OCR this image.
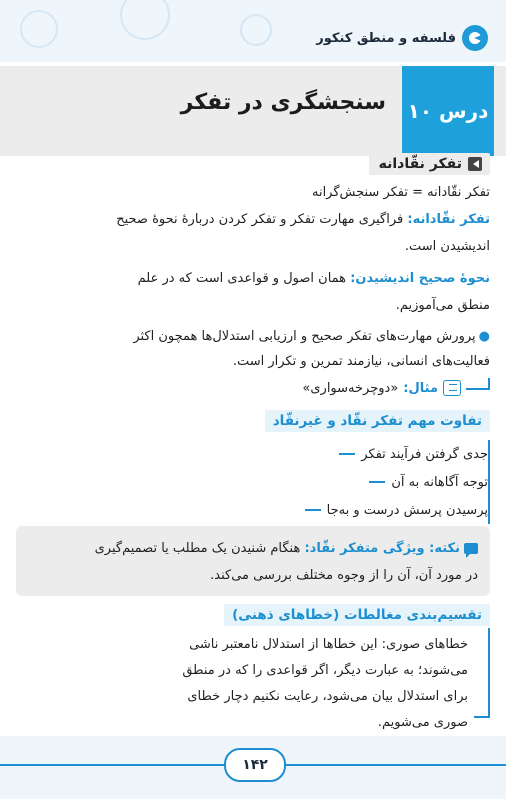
فلسفه و منطق کنکور
درس ۱۰
سنجشگری در تفکر
تفکر نقّادانه
تفکر نقّادانه = تفکر سنجش‌گرانه
تفکر نقّادانه: فراگیری مهارت تفکر و تفکر کردن دربارهٔ نحوهٔ صحیح
اندیشیدن است.
نحوهٔ صحیح اندیشیدن: همان اصول و قواعدی است که در علم
منطق می‌آموزیم.
●پرورش مهارت‌های تفکر صحیح و ارزیابی استدلال‌ها همچون اکثر
فعالیت‌های انسانی، نیازمند تمرین و تکرار است.
مثال:
«دوچرخه‌سواری»
تفاوت مهم تفکر نقّاد و غیرنقّاد
جدی گرفتن فرآیند تفکر
توجه آگاهانه به آن
پرسیدن پرسش درست و به‌جا
نکته: ویژگی متفکر نقّاد: هنگام شنیدن یک مطلب یا تصمیم‌گیری
در مورد آن، آن را از وجوه مختلف بررسی می‌کند.
تقسیم‌بندی مغالطات (خطاهای ذهنی)
خطاهای صوری: این خطاها از استدلال نامعتبر ناشی
می‌شوند؛ به عبارت دیگر، اگر قواعدی را که در منطق
برای استدلال بیان می‌شود، رعایت نکنیم دچار خطای
صوری می‌شویم.
۱۴۲
